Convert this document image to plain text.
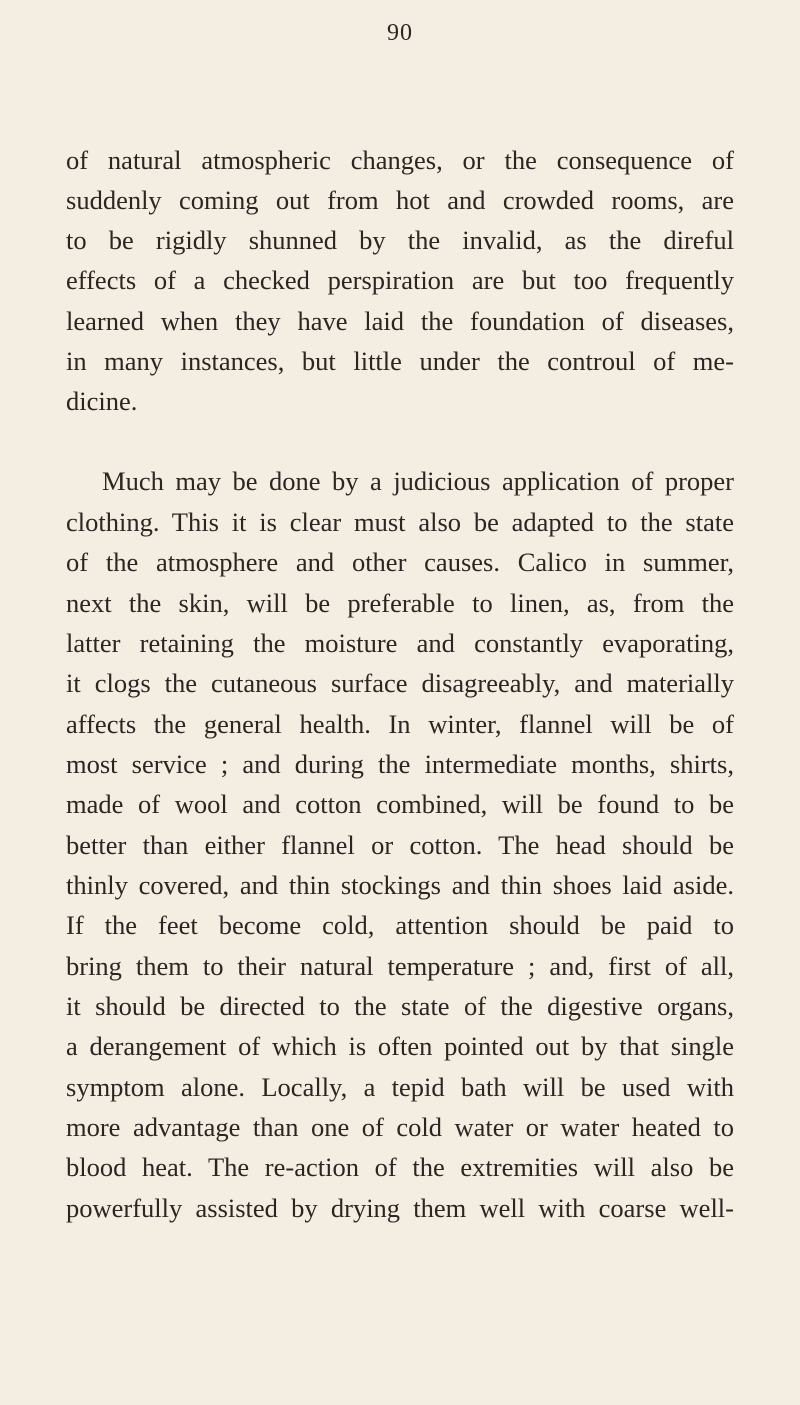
90
of natural atmospheric changes, or the consequence of
suddenly coming out from hot and crowded rooms, are
to be rigidly shunned by the invalid, as the direful
effects of a checked perspiration are but too frequently
learned when they have laid the foundation of diseases,
in many instances, but little under the controul of me-
dicine.
Much may be done by a judicious application of proper
clothing. This it is clear must also be adapted to the state
of the atmosphere and other causes. Calico in summer,
next the skin, will be preferable to linen, as, from the
latter retaining the moisture and constantly evaporating,
it clogs the cutaneous surface disagreeably, and materially
affects the general health. In winter, flannel will be of
most service ; and during the intermediate months, shirts,
made of wool and cotton combined, will be found to be
better than either flannel or cotton. The head should be
thinly covered, and thin stockings and thin shoes laid aside.
If the feet become cold, attention should be paid to
bring them to their natural temperature ; and, first of all,
it should be directed to the state of the digestive organs,
a derangement of which is often pointed out by that single
symptom alone. Locally, a tepid bath will be used with
more advantage than one of cold water or water heated to
blood heat. The re-action of the extremities will also be
powerfully assisted by drying them well with coarse well-
